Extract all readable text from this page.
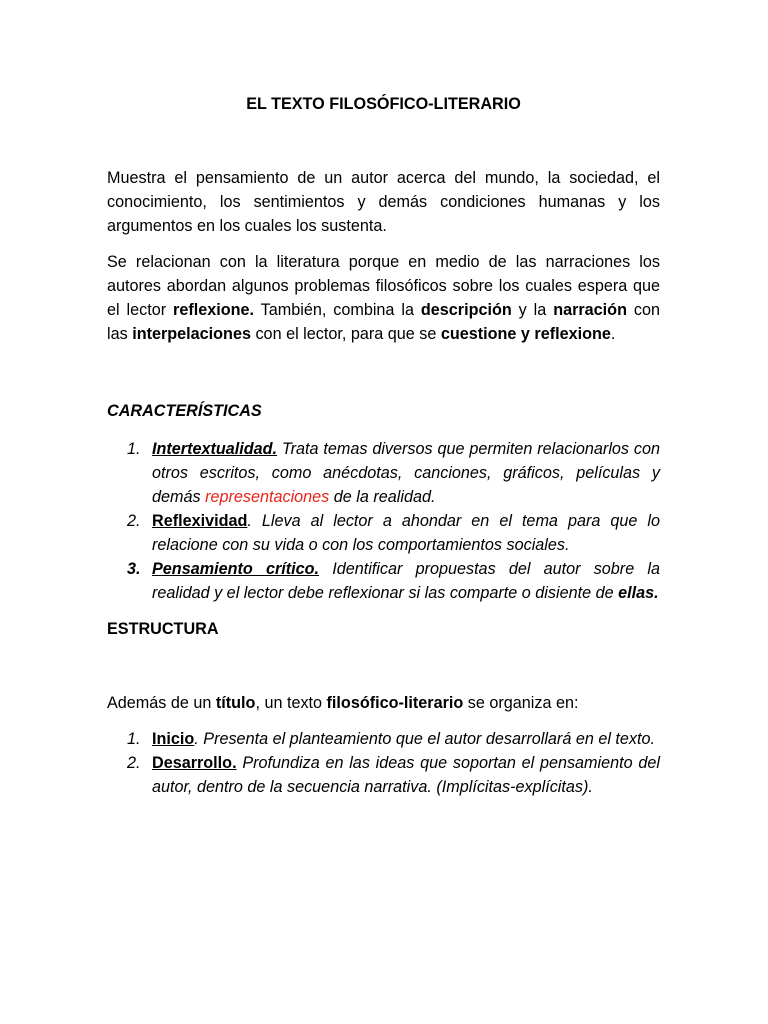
EL TEXTO FILOSÓFICO-LITERARIO

Muestra el pensamiento de un autor acerca del mundo, la sociedad, el conocimiento, los sentimientos y demás condiciones humanas y los argumentos en los cuales los sustenta.

Se relacionan con la literatura porque en medio de las narraciones los autores abordan algunos problemas filosóficos sobre los cuales espera que el lector reflexione. También, combina la descripción y la narración con las interpelaciones con el lector, para que se cuestione y reflexione.

CARACTERÍSTICAS
1. Intertextualidad. Trata temas diversos que permiten relacionarlos con otros escritos, como anécdotas, canciones, gráficos, películas y demás representaciones de la realidad.
2. Reflexividad. Lleva al lector a ahondar en el tema para que lo relacione con su vida o con los comportamientos sociales.
3. Pensamiento crítico. Identificar propuestas del autor sobre la realidad y el lector debe reflexionar si las comparte o disiente de ellas.
ESTRUCTURA

Además de un título, un texto filosófico-literario se organiza en:

1. Inicio. Presenta el planteamiento que el autor desarrollará en el texto.
2. Desarrollo. Profundiza en las ideas que soportan el pensamiento del autor, dentro de la secuencia narrativa. (Implícitas-explícitas).
